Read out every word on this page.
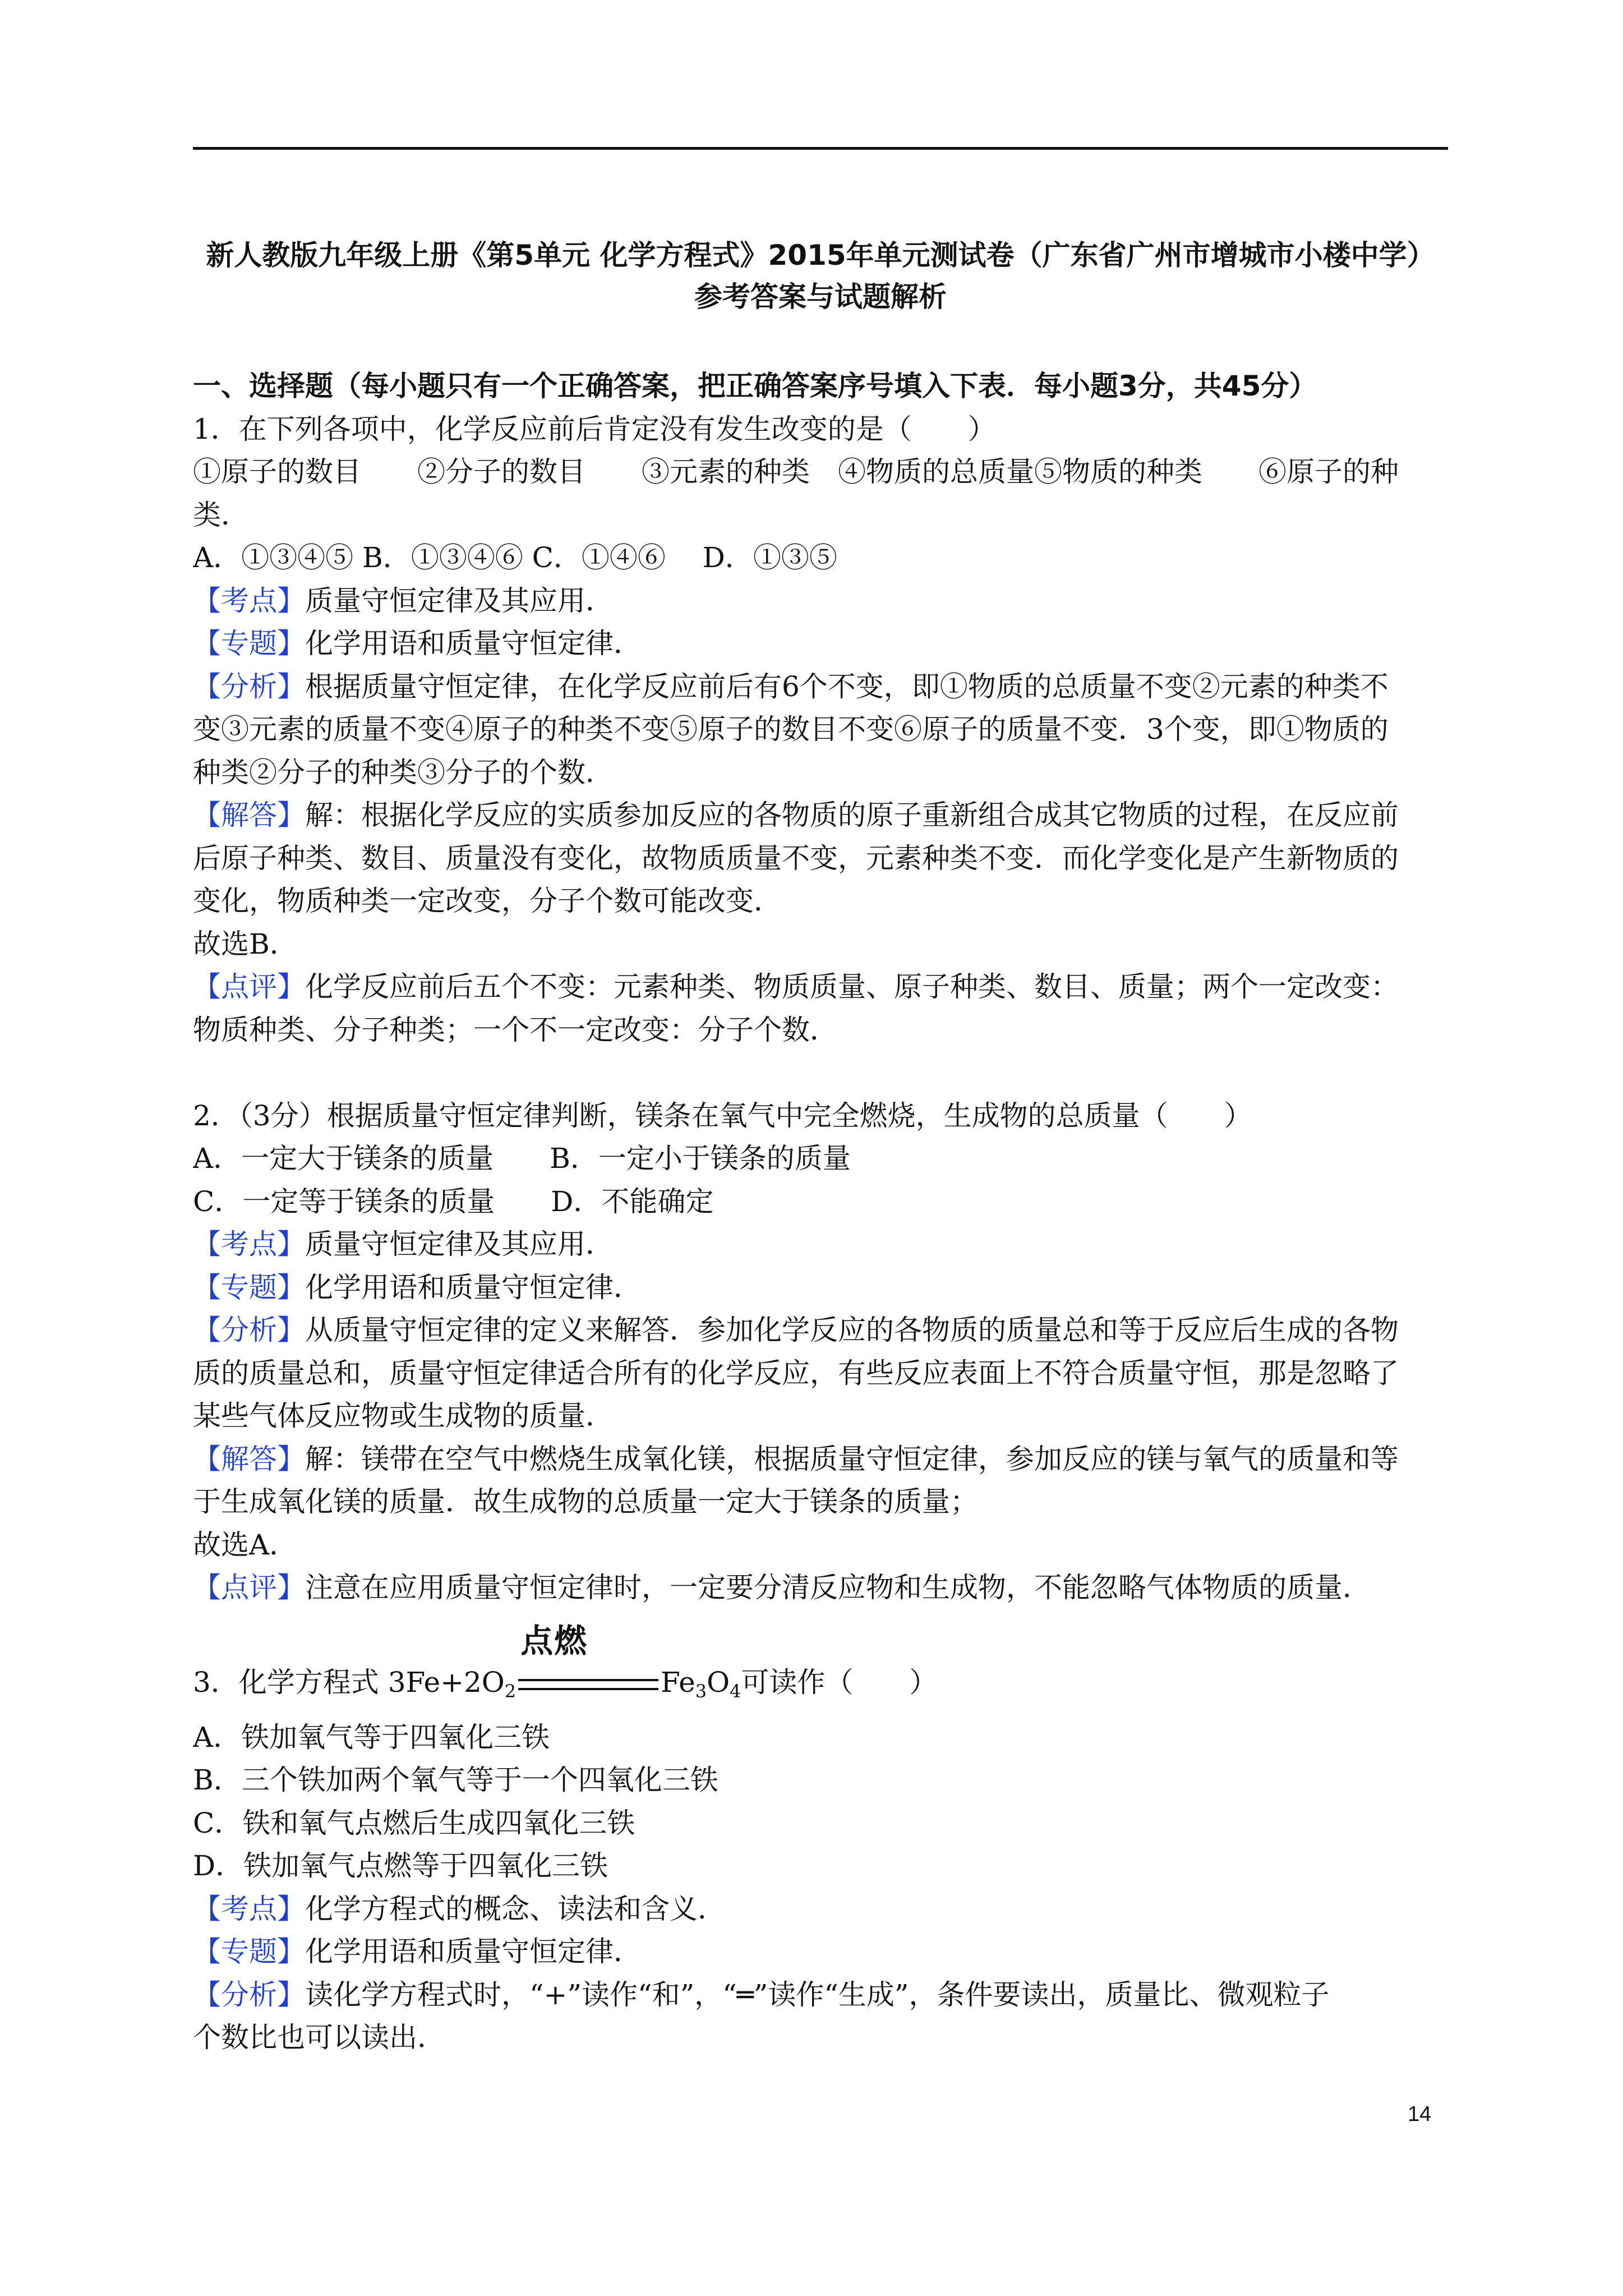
新人教版九年级上册《第5单元 化学方程式》2015年单元测试卷（广东省广州市增城市小楼中学）
参考答案与试题解析
一、选择题（每小题只有一个正确答案，把正确答案序号填入下表．每小题3分，共45分）
1．在下列各项中，化学反应前后肯定没有发生改变的是（　　）
①原子的数目　　②分子的数目　　③元素的种类　④物质的总质量⑤物质的种类　　⑥原子的种
类．
A．①③④⑤ B．①③④⑥ C．①④⑥　 D．①③⑤
【考点】质量守恒定律及其应用．
【专题】化学用语和质量守恒定律．
【分析】根据质量守恒定律，在化学反应前后有6个不变，即①物质的总质量不变②元素的种类不
变③元素的质量不变④原子的种类不变⑤原子的数目不变⑥原子的质量不变．3个变，即①物质的
种类②分子的种类③分子的个数．
【解答】解：根据化学反应的实质参加反应的各物质的原子重新组合成其它物质的过程，在反应前
后原子种类、数目、质量没有变化，故物质质量不变，元素种类不变．而化学变化是产生新物质的
变化，物质种类一定改变，分子个数可能改变．
故选B．
【点评】化学反应前后五个不变：元素种类、物质质量、原子种类、数目、质量；两个一定改变：
物质种类、分子种类；一个不一定改变：分子个数．
2．（3分）根据质量守恒定律判断，镁条在氧气中完全燃烧，生成物的总质量（　　）
A．一定大于镁条的质量　　B．一定小于镁条的质量
C．一定等于镁条的质量　　D．不能确定
【考点】质量守恒定律及其应用．
【专题】化学用语和质量守恒定律．
【分析】从质量守恒定律的定义来解答．参加化学反应的各物质的质量总和等于反应后生成的各物
质的质量总和，质量守恒定律适合所有的化学反应，有些反应表面上不符合质量守恒，那是忽略了
某些气体反应物或生成物的质量．
【解答】解：镁带在空气中燃烧生成氧化镁，根据质量守恒定律，参加反应的镁与氧气的质量和等
于生成氧化镁的质量．故生成物的总质量一定大于镁条的质量；
故选A．
【点评】注意在应用质量守恒定律时，一定要分清反应物和生成物，不能忽略气体物质的质量．
3．化学方程式 $3Fe+2O_2$
点燃
$Fe_3O_4$可读作（　　）
A．铁加氧气等于四氧化三铁
B．三个铁加两个氧气等于一个四氧化三铁
C．铁和氧气点燃后生成四氧化三铁
D．铁加氧气点燃等于四氧化三铁
【考点】化学方程式的概念、读法和含义．
【专题】化学用语和质量守恒定律．
【分析】读化学方程式时，“+”读作“和”，“═”读作“生成”，条件要读出，质量比、微观粒子
个数比也可以读出．
14
